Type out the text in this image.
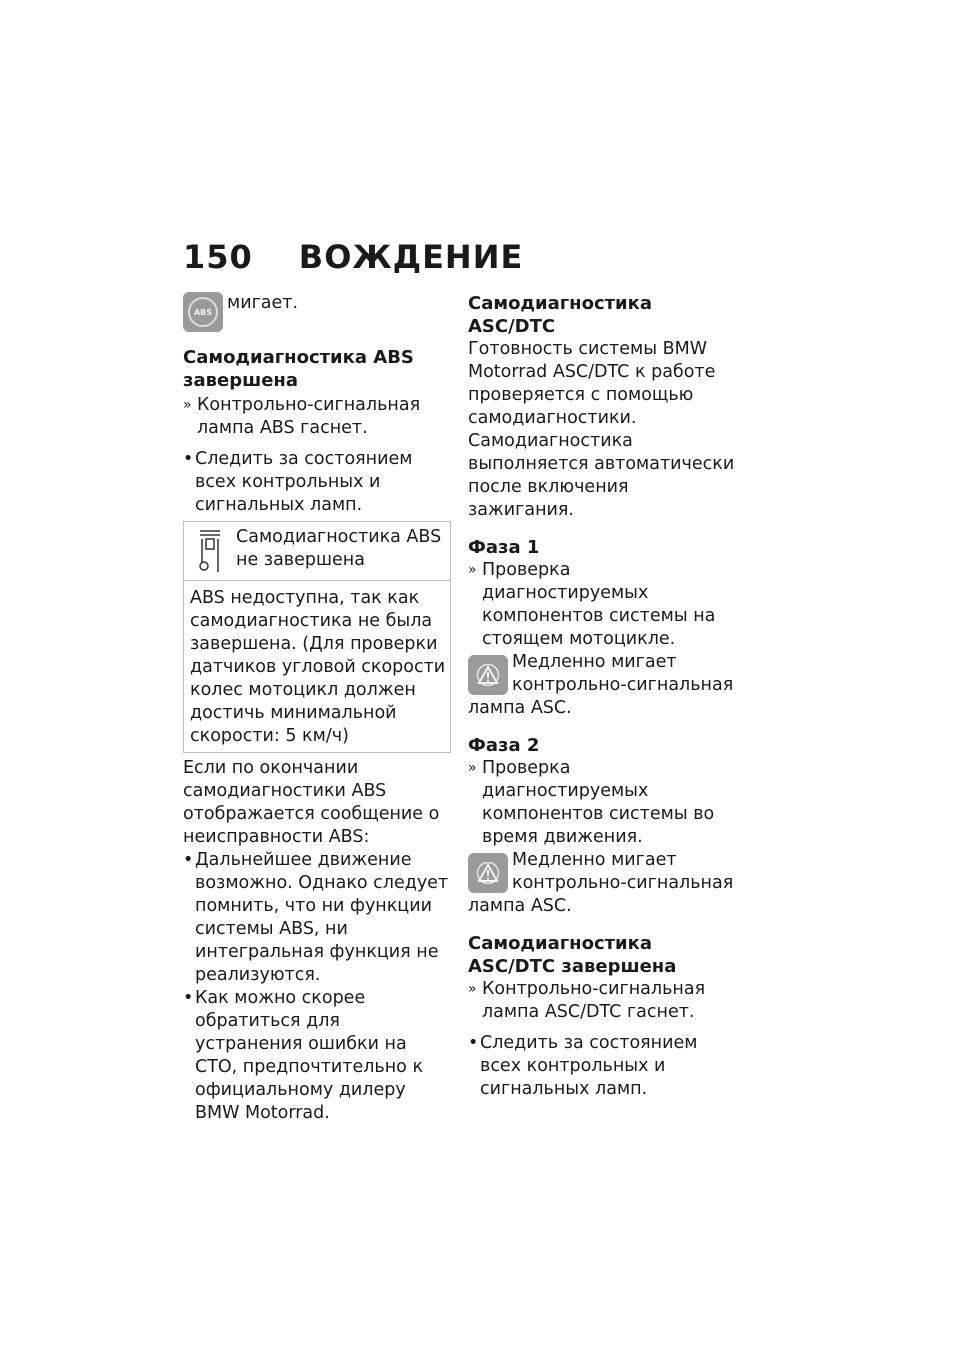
150 ВОЖДЕНИЕ
ABS мигает.

Самодиагностика ABS завершена

» Контрольно-сигнальная лампа ABS гаснет.

• Следить за состоянием всех контрольных и сигнальных ламп.

Самодиагностика ABS не завершена
ABS недоступна, так как самодиагностика не была завершена. (Для проверки датчиков угловой скорости колес мотоцикл должен достичь минимальной скорости: 5 км/ч)

Если по окончании самодиагностики ABS отображается сообщение о неисправности ABS:

• Дальнейшее движение возможно. Однако следует помнить, что ни функции системы ABS, ни интегральная функция не реализуются.

• Как можно скорее обратиться для устранения ошибки на СТО, предпочтительно к официальному дилеру BMW Motorrad.

Самодиагностика ASC/DTC

Готовность системы BMW Motorrad ASC/DTC к работе проверяется с помощью самодиагностики. Самодиагностика выполняется автоматически после включения зажигания.

Фаза 1

» Проверка диагностируемых компонентов системы на стоящем мотоцикле.

Медленно мигает контрольно-сигнальная лампа ASC.

Фаза 2

» Проверка диагностируемых компонентов системы во время движения.

Медленно мигает контрольно-сигнальная лампа ASC.

Самодиагностика ASC/DTC завершена

» Контрольно-сигнальная лампа ASC/DTC гаснет.

• Следить за состоянием всех контрольных и сигнальных ламп.
